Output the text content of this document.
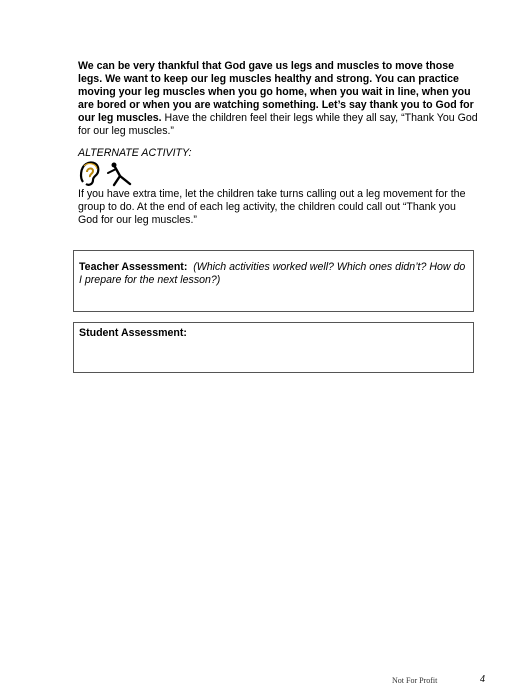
We can be very thankful that God gave us legs and muscles to move those legs. We want to keep our leg muscles healthy and strong. You can practice moving your leg muscles when you go home, when you wait in line, when you are bored or when you are watching something. Let’s say thank you to God for our leg muscles. Have the children feel their legs while they all say, “Thank You God for our leg muscles.”
ALTERNATE ACTIVITY:
If you have extra time, let the children take turns calling out a leg movement for the group to do. At the end of each leg activity, the children could call out “Thank you God for our leg muscles.”
Teacher Assessment: (Which activities worked well? Which ones didn’t? How do I prepare for the next lesson?)
Student Assessment:
Not For Profit	4
